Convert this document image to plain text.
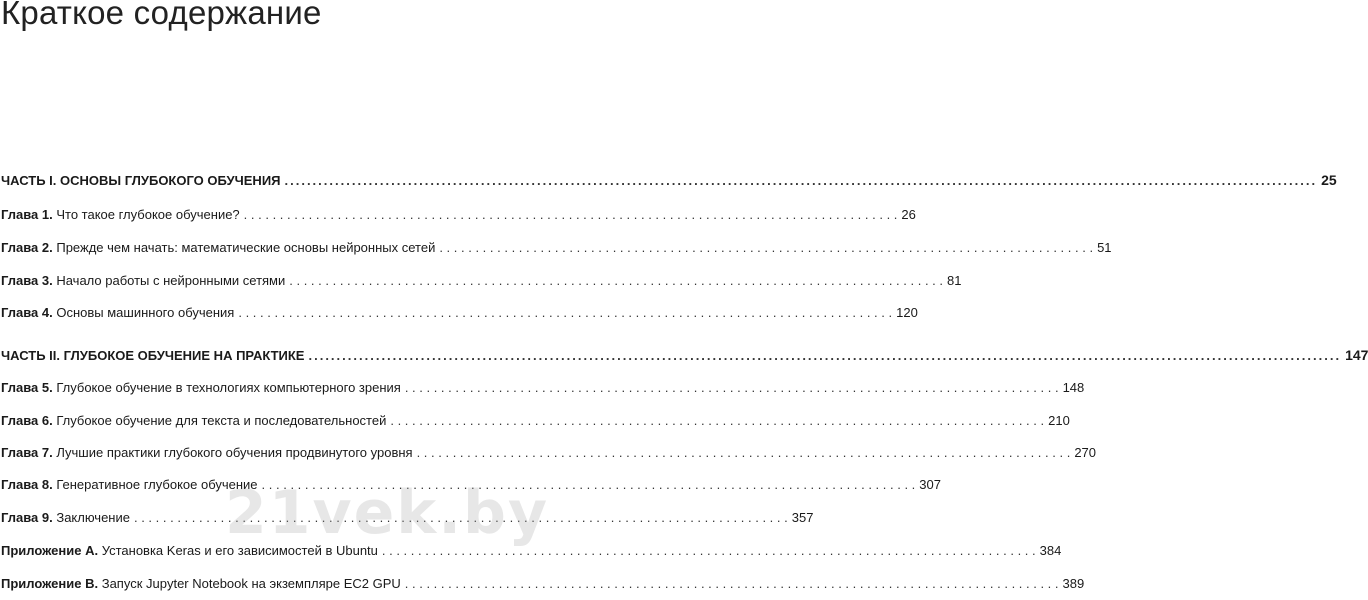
Краткое содержание
ЧАСТЬ I. ОСНОВЫ ГЛУБОКОГО ОБУЧЕНИЯ .....	25
Глава 1. Что такое глубокое обучение? . . .	26
Глава 2. Прежде чем начать: математические основы нейронных сетей . . .	51
Глава 3. Начало работы с нейронными сетями . . .	81
Глава 4. Основы машинного обучения . . .	120
ЧАСТЬ II. ГЛУБОКОЕ ОБУЧЕНИЕ НА ПРАКТИКЕ .....	147
Глава 5. Глубокое обучение в технологиях компьютерного зрения . . .	148
Глава 6. Глубокое обучение для текста и последовательностей . . .	210
Глава 7. Лучшие практики глубокого обучения продвинутого уровня . . .	270
Глава 8. Генеративное глубокое обучение . . .	307
Глава 9. Заключение . . .	357
Приложение А. Установка Keras и его зависимостей в Ubuntu . . .	384
Приложение В. Запуск Jupyter Notebook на экземпляре EC2 GPU . . .	389
21vek.by
